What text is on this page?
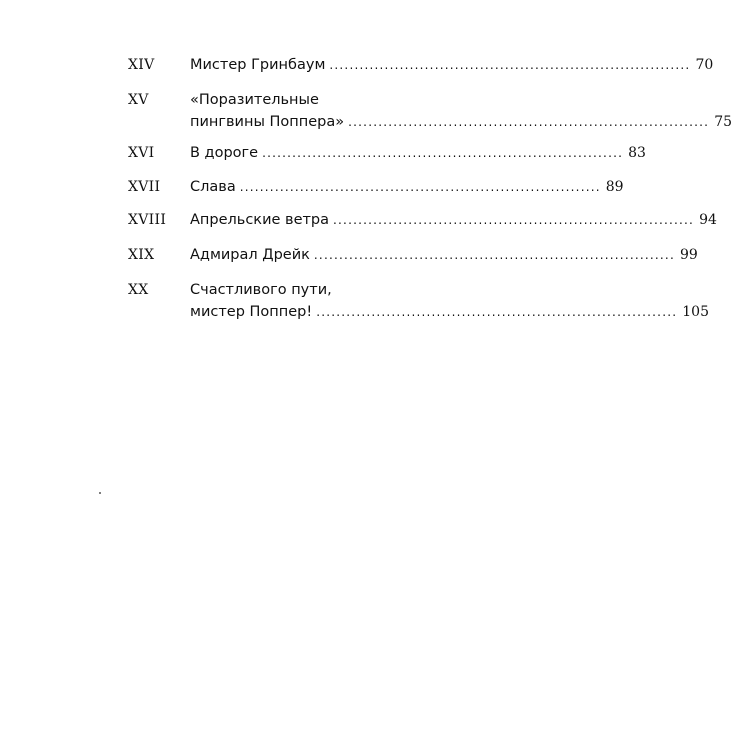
XIV	Мистер Гринбаум ........................................................................ 70
XV	«Поразительные
пингвины Поппера» ........................................................................ 75
XVI	В дороге ........................................................................ 83
XVII	Слава ........................................................................ 89
XVIII	Апрельские ветра ........................................................................ 94
XIX	Адмирал Дрейк ........................................................................ 99
XX	Счастливого пути,
мистер Поппер! ........................................................................ 105
